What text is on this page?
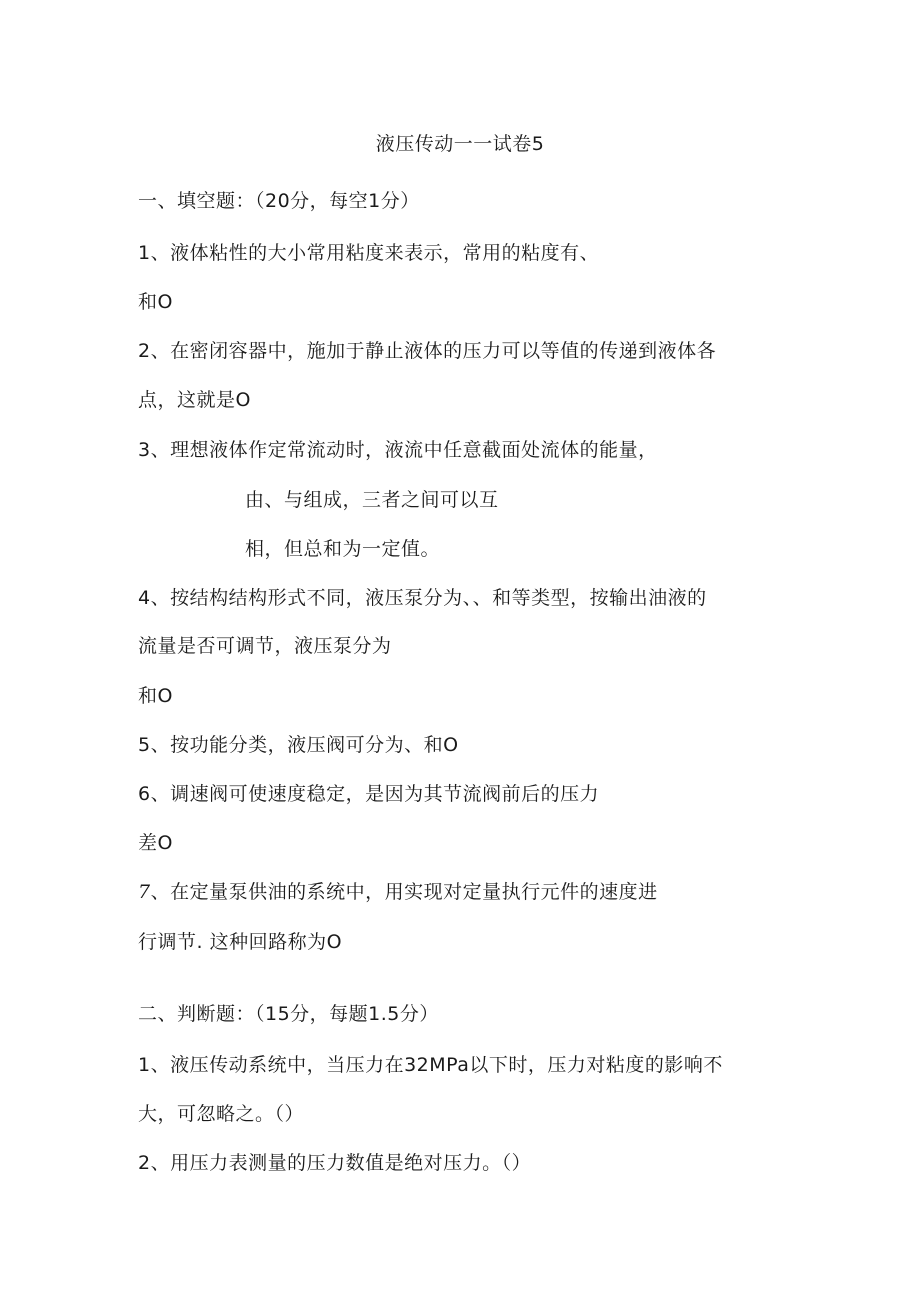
液压传动一一试卷5
一、填空题：（20分，每空1分）
1、液体粘性的大小常用粘度来表示，常用的粘度有、
和O
2、在密闭容器中，施加于静止液体的压力可以等值的传递到液体各
点，这就是O
3、理想液体作定常流动时，液流中任意截面处流体的能量，
由、与组成，三者之间可以互
相，但总和为一定值。
4、按结构结构形式不同，液压泵分为、、和等类型，按输出油液的
流量是否可调节，液压泵分为
和O
5、按功能分类，液压阀可分为、和O
6、调速阀可使速度稳定，是因为其节流阀前后的压力
差O
7、在定量泵供油的系统中，用实现对定量执行元件的速度进
行调节. 这种回路称为O
二、判断题：（15分，每题1.5分）
1、液压传动系统中，当压力在32MPa以下时，压力对粘度的影响不
大，可忽略之。（）
2、用压力表测量的压力数值是绝对压力。（）
